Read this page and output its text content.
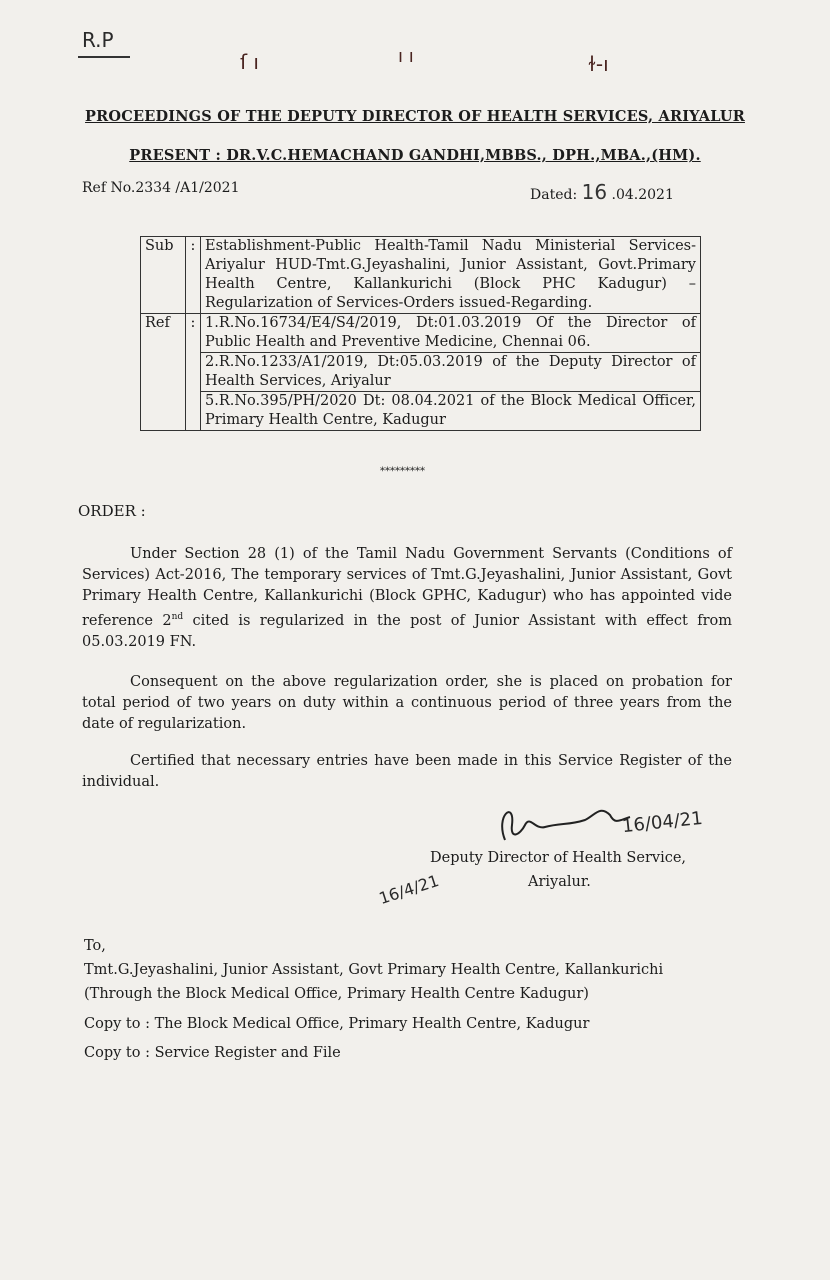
R.P
ſ ı	ı ı	ɫ-ı
PROCEEDINGS OF THE DEPUTY DIRECTOR OF HEALTH SERVICES, ARIYALUR
PRESENT : DR.V.C.HEMACHAND GANDHI,MBBS., DPH.,MBA.,(HM).
Ref No.2334 /A1/2021	Dated: 16 .04.2021
Sub	:	Establishment-Public Health-Tamil Nadu Ministerial Services-Ariyalur HUD-Tmt.G.Jeyashalini, Junior Assistant, Govt.Primary Health Centre, Kallankurichi (Block PHC Kadugur) –Regularization of Services-Orders issued-Regarding.
Ref	:	1.R.No.16734/E4/S4/2019, Dt:01.03.2019 Of the Director of Public Health and Preventive Medicine, Chennai 06.
		2.R.No.1233/A1/2019, Dt:05.03.2019 of the Deputy Director of Health Services, Ariyalur
		5.R.No.395/PH/2020 Dt: 08.04.2021 of the Block Medical Officer, Primary Health Centre, Kadugur
*********
ORDER :
Under Section 28 (1) of the Tamil Nadu Government Servants (Conditions of Services) Act-2016, The temporary services of Tmt.G.Jeyashalini, Junior Assistant, Govt Primary Health Centre, Kallankurichi (Block GPHC, Kadugur) who has appointed vide reference 2nd cited is regularized in the post of Junior Assistant with effect from 05.03.2019 FN.
Consequent on the above regularization order, she is placed on probation for total period of two years on duty within a continuous period of three years from the date of regularization.
Certified that necessary entries have been made in this Service Register of the individual.
16/04/21
Deputy Director of Health Service,
Ariyalur.
16/4/21
To,
Tmt.G.Jeyashalini, Junior Assistant, Govt Primary Health Centre, Kallankurichi
(Through the Block Medical Office, Primary Health Centre Kadugur)
Copy to : The Block Medical Office, Primary Health Centre, Kadugur
Copy to : Service Register and File
